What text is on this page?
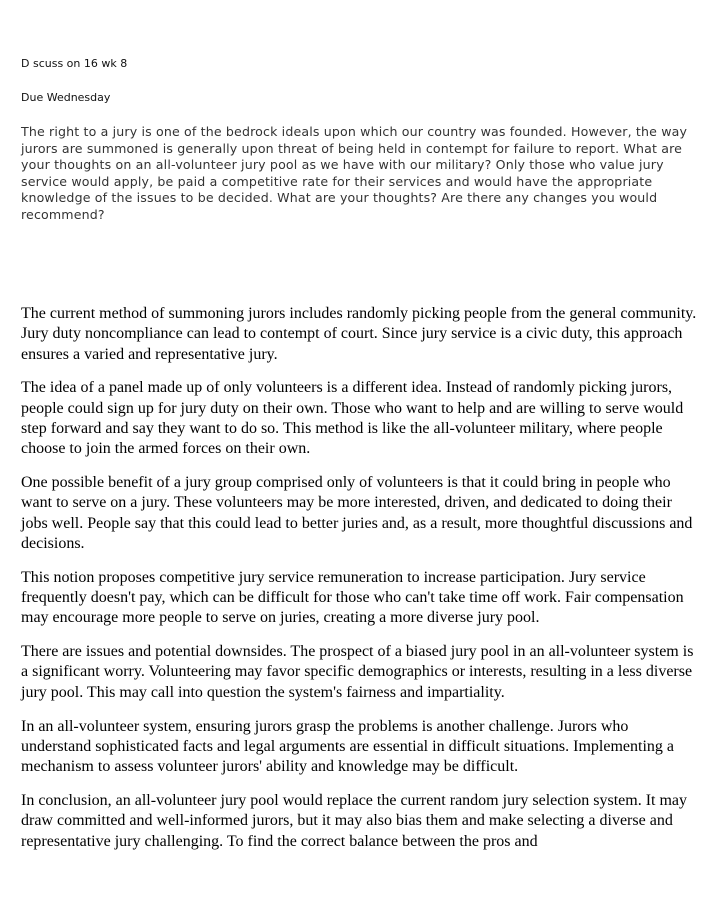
D scuss on 16 wk 8
Due Wednesday

The right to a jury is one of the bedrock ideals upon which our country was founded. However, the way jurors are summoned is generally upon threat of being held in contempt for failure to report. What are your thoughts on an all-volunteer jury pool as we have with our military? Only those who value jury service would apply, be paid a competitive rate for their services and would have the appropriate knowledge of the issues to be decided. What are your thoughts? Are there any changes you would recommend?

The current method of summoning jurors includes randomly picking people from the general community. Jury duty noncompliance can lead to contempt of court. Since jury service is a civic duty, this approach ensures a varied and representative jury.

The idea of a panel made up of only volunteers is a different idea. Instead of randomly picking jurors, people could sign up for jury duty on their own. Those who want to help and are willing to serve would step forward and say they want to do so. This method is like the all-volunteer military, where people choose to join the armed forces on their own.

One possible benefit of a jury group comprised only of volunteers is that it could bring in people who want to serve on a jury. These volunteers may be more interested, driven, and dedicated to doing their jobs well. People say that this could lead to better juries and, as a result, more thoughtful discussions and decisions.

This notion proposes competitive jury service remuneration to increase participation. Jury service frequently doesn't pay, which can be difficult for those who can't take time off work. Fair compensation may encourage more people to serve on juries, creating a more diverse jury pool.

There are issues and potential downsides. The prospect of a biased jury pool in an all-volunteer system is a significant worry. Volunteering may favor specific demographics or interests, resulting in a less diverse jury pool. This may call into question the system's fairness and impartiality.

In an all-volunteer system, ensuring jurors grasp the problems is another challenge. Jurors who understand sophisticated facts and legal arguments are essential in difficult situations. Implementing a mechanism to assess volunteer jurors' ability and knowledge may be difficult.

In conclusion, an all-volunteer jury pool would replace the current random jury selection system. It may draw committed and well-informed jurors, but it may also bias them and make selecting a diverse and representative jury challenging. To find the correct balance between the pros and
